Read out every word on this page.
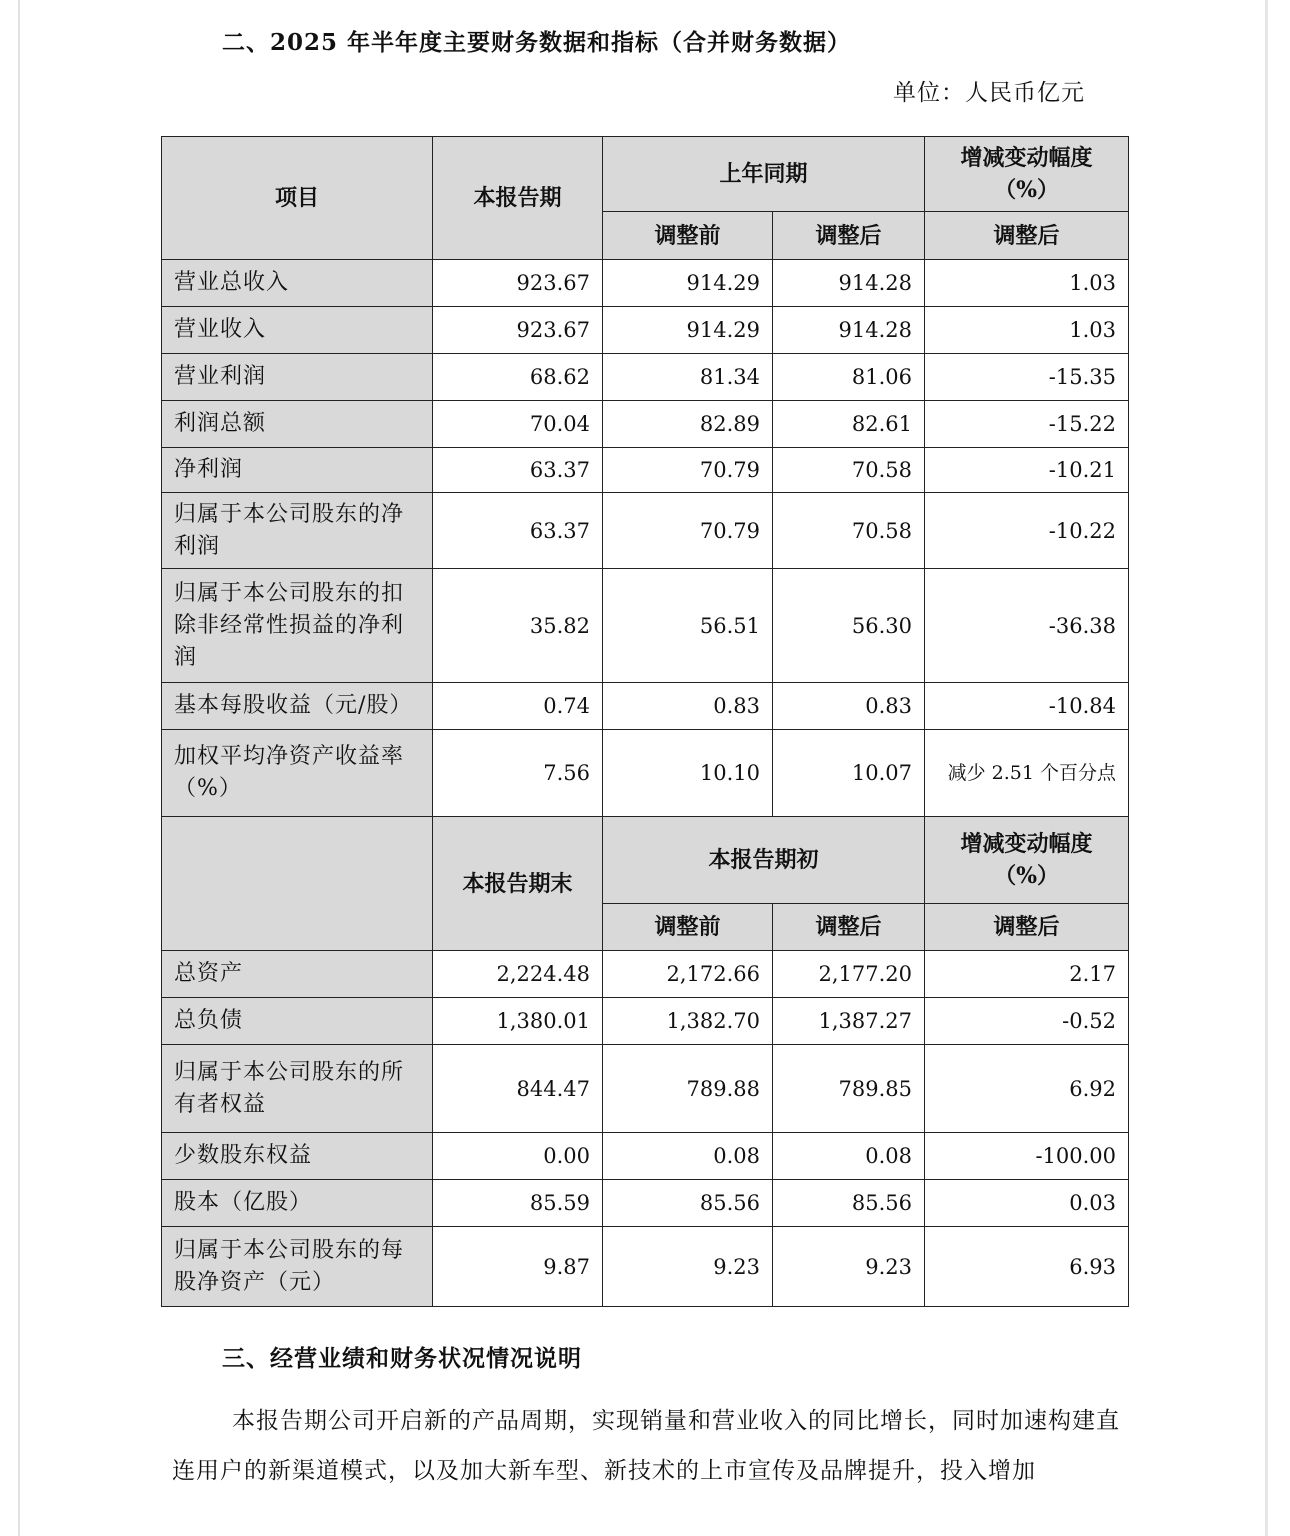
二、2025 年半年度主要财务数据和指标（合并财务数据）
单位：人民币亿元
项目	本报告期	上年同期		增减变动幅度（%）
		调整前	调整后	调整后
营业总收入	923.67	914.29	914.28	1.03
营业收入	923.67	914.29	914.28	1.03
营业利润	68.62	81.34	81.06	-15.35
利润总额	70.04	82.89	82.61	-15.22
净利润	63.37	70.79	70.58	-10.21
归属于本公司股东的净利润	63.37	70.79	70.58	-10.22
归属于本公司股东的扣除非经常性损益的净利润	35.82	56.51	56.30	-36.38
基本每股收益（元/股）	0.74	0.83	0.83	-10.84
加权平均净资产收益率（%）	7.56	10.10	10.07	减少 2.51 个百分点
	本报告期末	本报告期初		增减变动幅度（%）
		调整前	调整后	调整后
总资产	2,224.48	2,172.66	2,177.20	2.17
总负债	1,380.01	1,382.70	1,387.27	-0.52
归属于本公司股东的所有者权益	844.47	789.88	789.85	6.92
少数股东权益	0.00	0.08	0.08	-100.00
股本（亿股）	85.59	85.56	85.56	0.03
归属于本公司股东的每股净资产（元）	9.87	9.23	9.23	6.93
三、经营业绩和财务状况情况说明
本报告期公司开启新的产品周期，实现销量和营业收入的同比增长，同时加速构建直连用户的新渠道模式，以及加大新车型、新技术的上市宣传及品牌提升，投入增加
